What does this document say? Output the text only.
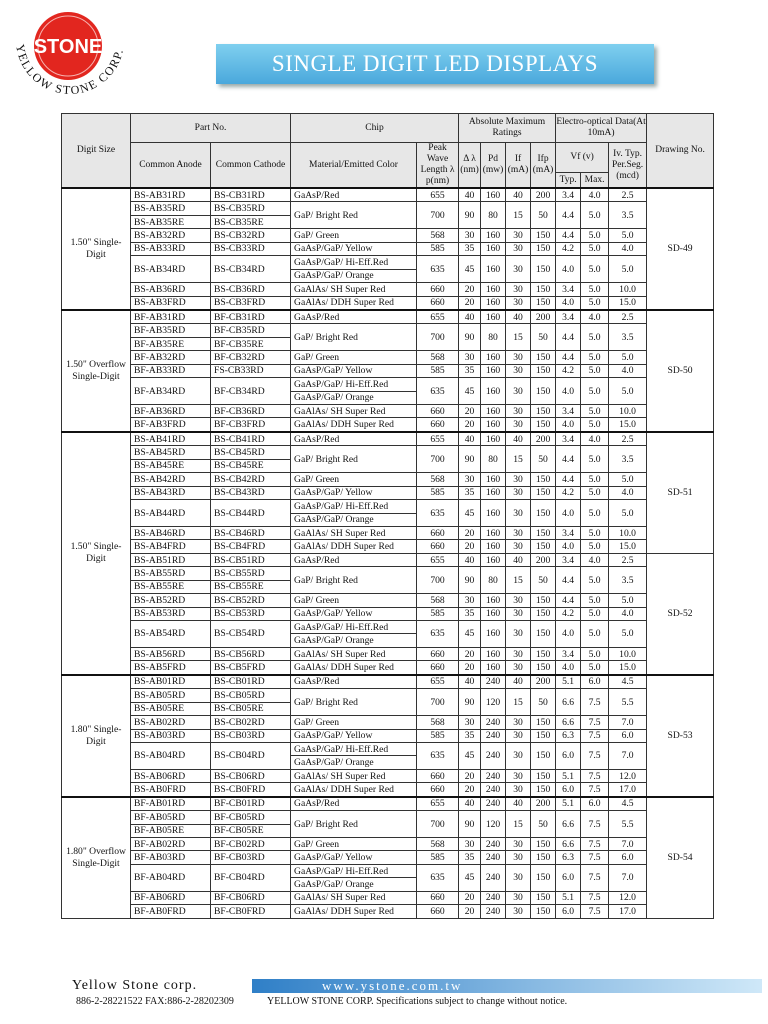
STONE
YELLOW STONE CORP.
SINGLE DIGIT LED DISPLAYS
Digit Size	Part No.		Chip		Absolute Maximum Ratings				Electro-optical Data(At 10mA)			Drawing No.
	Common Anode	Common Cathode	Material/Emitted Color	Peak Wave Length λ p(nm)	Δ λ (nm)	Pd (mw)	If (mA)	Ifp (mA)	Vf (v)		Iv. Typ. Per.Seg. (mcd)	
									Typ.	Max.		
1.50" Single-Digit	BS-AB31RD	BS-CB31RD	GaAsP/Red	655	40	160	40	200	3.4	4.0	2.5	SD-49
	BS-AB35RD	BS-CB35RD	GaP/ Bright Red	700	90	80	15	50	4.4	5.0	3.5	
	BS-AB35RE	BS-CB35RE										
	BS-AB32RD	BS-CB32RD	GaP/ Green	568	30	160	30	150	4.4	5.0	5.0	
	BS-AB33RD	BS-CB33RD	GaAsP/GaP/ Yellow	585	35	160	30	150	4.2	5.0	4.0	
	BS-AB34RD	BS-CB34RD	GaAsP/GaP/ Hi-Eff.Red	635	45	160	30	150	4.0	5.0	5.0	
			GaAsP/GaP/ Orange									
	BS-AB36RD	BS-CB36RD	GaAlAs/ SH Super Red	660	20	160	30	150	3.4	5.0	10.0	
	BS-AB3FRD	BS-CB3FRD	GaAlAs/ DDH Super Red	660	20	160	30	150	4.0	5.0	15.0	
1.50" Overflow Single-Digit	BF-AB31RD	BF-CB31RD	GaAsP/Red	655	40	160	40	200	3.4	4.0	2.5	SD-50
	BF-AB35RD	BF-CB35RD	GaP/ Bright Red	700	90	80	15	50	4.4	5.0	3.5	
	BF-AB35RE	BF-CB35RE										
	BF-AB32RD	BF-CB32RD	GaP/ Green	568	30	160	30	150	4.4	5.0	5.0	
	BF-AB33RD	FS-CB33RD	GaAsP/GaP/ Yellow	585	35	160	30	150	4.2	5.0	4.0	
	BF-AB34RD	BF-CB34RD	GaAsP/GaP/ Hi-Eff.Red	635	45	160	30	150	4.0	5.0	5.0	
			GaAsP/GaP/ Orange									
	BF-AB36RD	BF-CB36RD	GaAlAs/ SH Super Red	660	20	160	30	150	3.4	5.0	10.0	
	BF-AB3FRD	BF-CB3FRD	GaAlAs/ DDH Super Red	660	20	160	30	150	4.0	5.0	15.0	
1.50" Single-Digit	BS-AB41RD	BS-CB41RD	GaAsP/Red	655	40	160	40	200	3.4	4.0	2.5	SD-51
	BS-AB45RD	BS-CB45RD	GaP/ Bright Red	700	90	80	15	50	4.4	5.0	3.5	
	BS-AB45RE	BS-CB45RE										
	BS-AB42RD	BS-CB42RD	GaP/ Green	568	30	160	30	150	4.4	5.0	5.0	
	BS-AB43RD	BS-CB43RD	GaAsP/GaP/ Yellow	585	35	160	30	150	4.2	5.0	4.0	
	BS-AB44RD	BS-CB44RD	GaAsP/GaP/ Hi-Eff.Red	635	45	160	30	150	4.0	5.0	5.0	
			GaAsP/GaP/ Orange									
	BS-AB46RD	BS-CB46RD	GaAlAs/ SH Super Red	660	20	160	30	150	3.4	5.0	10.0	
	BS-AB4FRD	BS-CB4FRD	GaAlAs/ DDH Super Red	660	20	160	30	150	4.0	5.0	15.0	
	BS-AB51RD	BS-CB51RD	GaAsP/Red	655	40	160	40	200	3.4	4.0	2.5	SD-52
	BS-AB55RD	BS-CB55RD	GaP/ Bright Red	700	90	80	15	50	4.4	5.0	3.5	
	BS-AB55RE	BS-CB55RE										
	BS-AB52RD	BS-CB52RD	GaP/ Green	568	30	160	30	150	4.4	5.0	5.0	
	BS-AB53RD	BS-CB53RD	GaAsP/GaP/ Yellow	585	35	160	30	150	4.2	5.0	4.0	
	BS-AB54RD	BS-CB54RD	GaAsP/GaP/ Hi-Eff.Red	635	45	160	30	150	4.0	5.0	5.0	
			GaAsP/GaP/ Orange									
	BS-AB56RD	BS-CB56RD	GaAlAs/ SH Super Red	660	20	160	30	150	3.4	5.0	10.0	
	BS-AB5FRD	BS-CB5FRD	GaAlAs/ DDH Super Red	660	20	160	30	150	4.0	5.0	15.0	
1.80" Single-Digit	BS-AB01RD	BS-CB01RD	GaAsP/Red	655	40	240	40	200	5.1	6.0	4.5	SD-53
	BS-AB05RD	BS-CB05RD	GaP/ Bright Red	700	90	120	15	50	6.6	7.5	5.5	
	BS-AB05RE	BS-CB05RE										
	BS-AB02RD	BS-CB02RD	GaP/ Green	568	30	240	30	150	6.6	7.5	7.0	
	BS-AB03RD	BS-CB03RD	GaAsP/GaP/ Yellow	585	35	240	30	150	6.3	7.5	6.0	
	BS-AB04RD	BS-CB04RD	GaAsP/GaP/ Hi-Eff.Red	635	45	240	30	150	6.0	7.5	7.0	
			GaAsP/GaP/ Orange									
	BS-AB06RD	BS-CB06RD	GaAlAs/ SH Super Red	660	20	240	30	150	5.1	7.5	12.0	
	BS-AB0FRD	BS-CB0FRD	GaAlAs/ DDH Super Red	660	20	240	30	150	6.0	7.5	17.0	
1.80" Overflow Single-Digit	BF-AB01RD	BF-CB01RD	GaAsP/Red	655	40	240	40	200	5.1	6.0	4.5	SD-54
	BF-AB05RD	BF-CB05RD	GaP/ Bright Red	700	90	120	15	50	6.6	7.5	5.5	
	BF-AB05RE	BF-CB05RE										
	BF-AB02RD	BF-CB02RD	GaP/ Green	568	30	240	30	150	6.6	7.5	7.0	
	BF-AB03RD	BF-CB03RD	GaAsP/GaP/ Yellow	585	35	240	30	150	6.3	7.5	6.0	
	BF-AB04RD	BF-CB04RD	GaAsP/GaP/ Hi-Eff.Red	635	45	240	30	150	6.0	7.5	7.0	
			GaAsP/GaP/ Orange									
	BF-AB06RD	BF-CB06RD	GaAlAs/ SH Super Red	660	20	240	30	150	5.1	7.5	12.0	
	BF-AB0FRD	BF-CB0FRD	GaAlAs/ DDH Super Red	660	20	240	30	150	6.0	7.5	17.0	
Yellow Stone corp.	www.ystone.com.tw
886-2-28221522 FAX:886-2-28202309	YELLOW STONE CORP. Specifications subject to change without notice.
